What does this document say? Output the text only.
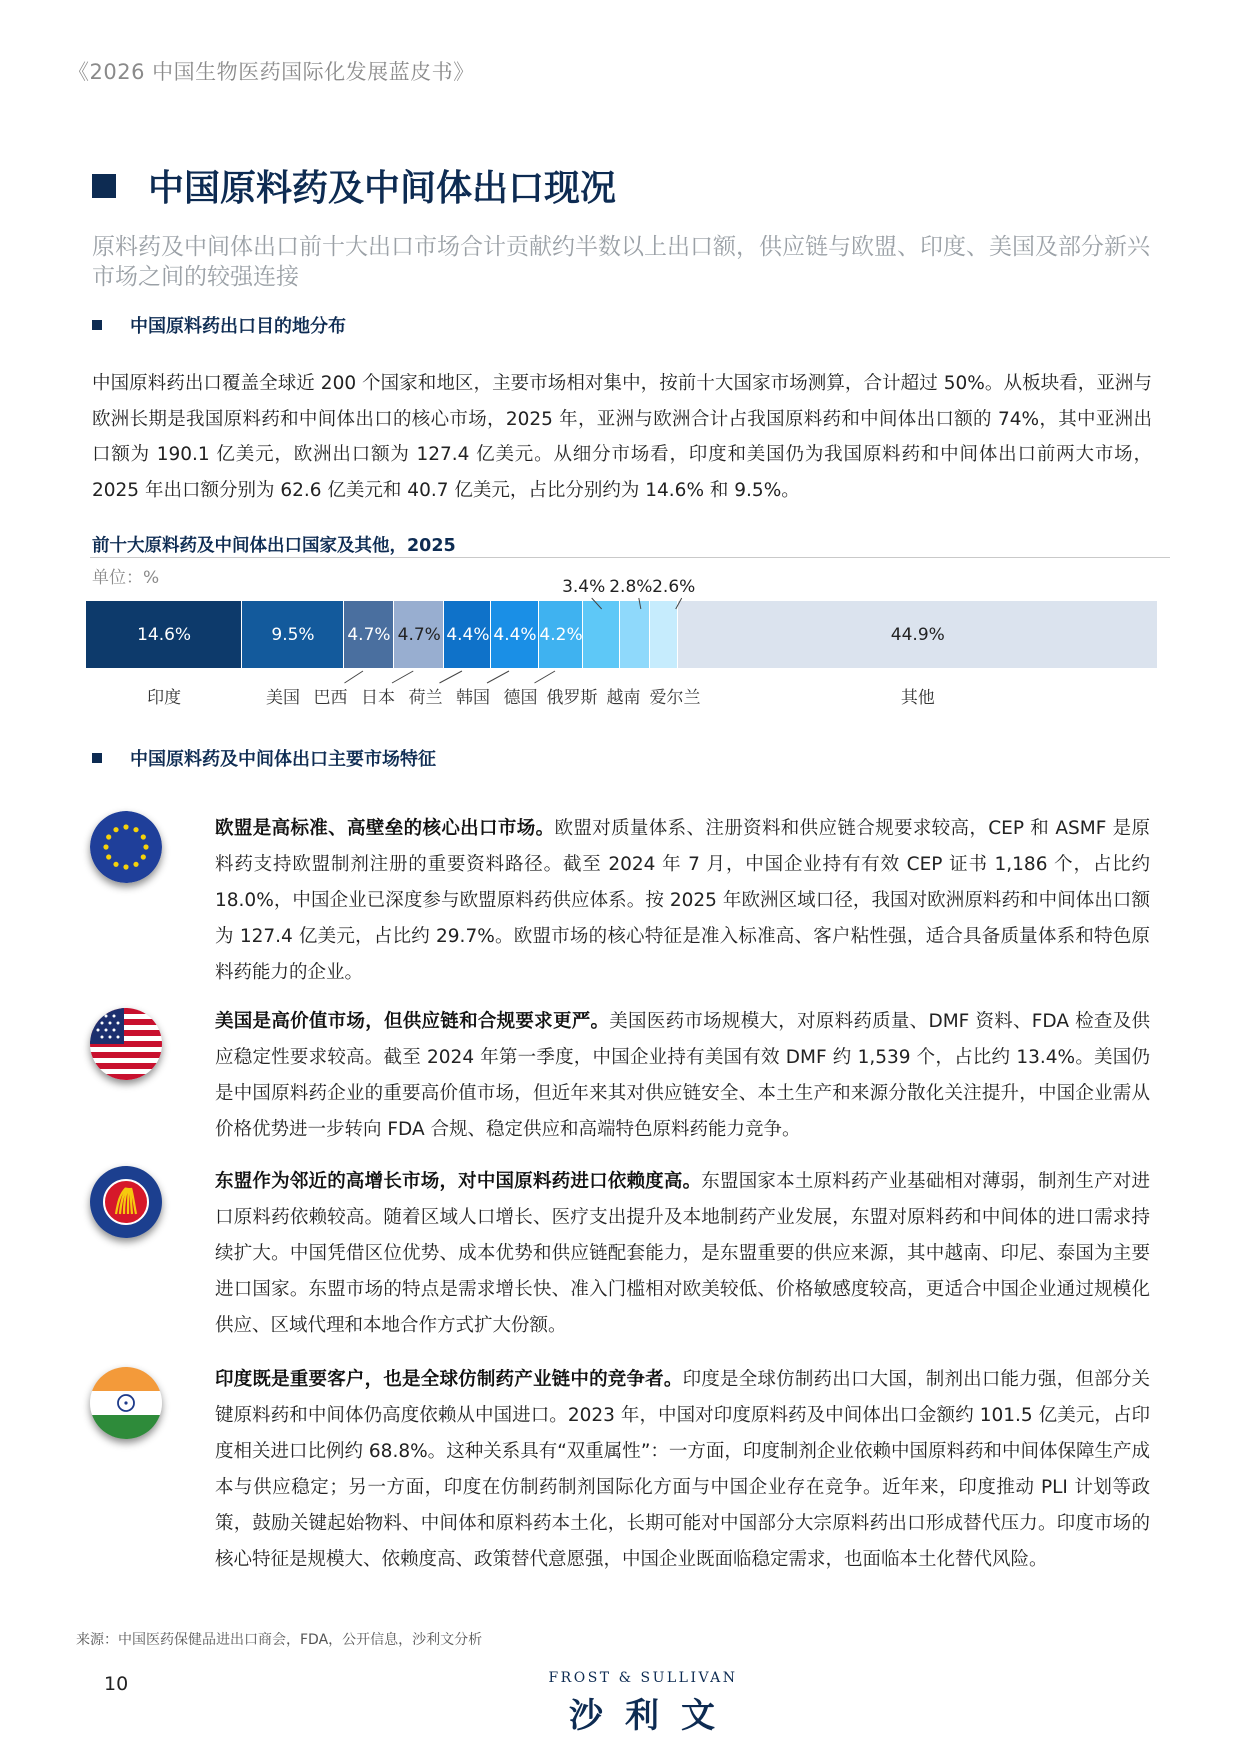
《2026 中国生物医药国际化发展蓝皮书》
中国原料药及中间体出口现况
原料药及中间体出口前十大出口市场合计贡献约半数以上出口额，供应链与欧盟、印度、美国及部分新兴市场之间的较强连接
中国原料药出口目的地分布
中国原料药出口覆盖全球近 200 个国家和地区，主要市场相对集中，按前十大国家市场测算，合计超过 50%。从板块看，亚洲与欧洲长期是我国原料药和中间体出口的核心市场，2025 年，亚洲与欧洲合计占我国原料药和中间体出口额的 74%，其中亚洲出口额为 190.1 亿美元，欧洲出口额为 127.4 亿美元。从细分市场看，印度和美国仍为我国原料药和中间体出口前两大市场，2025 年出口额分别为 62.6 亿美元和 40.7 亿美元，占比分别约为 14.6% 和 9.5%。
前十大原料药及中间体出口国家及其他，2025
单位：%
14.6%	9.5% 4.7% 4.7% 4.4% 4.4% 4.2%
3.4% 2.8% 2.6%
44.9%
印度	美国 巴西 日本 荷兰 韩国 德国 俄罗斯 越南 爱尔兰	其他
中国原料药及中间体出口主要市场特征
欧盟是高标准、高壁垒的核心出口市场。欧盟对质量体系、注册资料和供应链合规要求较高，CEP 和 ASMF 是原料药支持欧盟制剂注册的重要资料路径。截至 2024 年 7 月，中国企业持有有效 CEP 证书 1,186 个，占比约 18.0%，中国企业已深度参与欧盟原料药供应体系。按 2025 年欧洲区域口径，我国对欧洲原料药和中间体出口额为 127.4 亿美元，占比约 29.7%。欧盟市场的核心特征是准入标准高、客户粘性强，适合具备质量体系和特色原料药能力的企业。
美国是高价值市场，但供应链和合规要求更严。美国医药市场规模大，对原料药质量、DMF 资料、FDA 检查及供应稳定性要求较高。截至 2024 年第一季度，中国企业持有美国有效 DMF 约 1,539 个，占比约 13.4%。美国仍是中国原料药企业的重要高价值市场，但近年来其对供应链安全、本土生产和来源分散化关注提升，中国企业需从价格优势进一步转向 FDA 合规、稳定供应和高端特色原料药能力竞争。
东盟作为邻近的高增长市场，对中国原料药进口依赖度高。东盟国家本土原料药产业基础相对薄弱，制剂生产对进口原料药依赖较高。随着区域人口增长、医疗支出提升及本地制药产业发展，东盟对原料药和中间体的进口需求持续扩大。中国凭借区位优势、成本优势和供应链配套能力，是东盟重要的供应来源，其中越南、印尼、泰国为主要进口国家。东盟市场的特点是需求增长快、准入门槛相对欧美较低、价格敏感度较高，更适合中国企业通过规模化供应、区域代理和本地合作方式扩大份额。
印度既是重要客户，也是全球仿制药产业链中的竞争者。印度是全球仿制药出口大国，制剂出口能力强，但部分关键原料药和中间体仍高度依赖从中国进口。2023 年，中国对印度原料药及中间体出口金额约 101.5 亿美元，占印度相关进口比例约 68.8%。这种关系具有“双重属性”：一方面，印度制剂企业依赖中国原料药和中间体保障生产成本与供应稳定；另一方面，印度在仿制药制剂国际化方面与中国企业存在竞争。近年来，印度推动 PLI 计划等政策，鼓励关键起始物料、中间体和原料药本土化，长期可能对中国部分大宗原料药出口形成替代压力。印度市场的核心特征是规模大、依赖度高、政策替代意愿强，中国企业既面临稳定需求，也面临本土化替代风险。
来源：中国医药保健品进出口商会，FDA，公开信息，沙利文分析
10	FROST & SULLIVAN
沙利文
